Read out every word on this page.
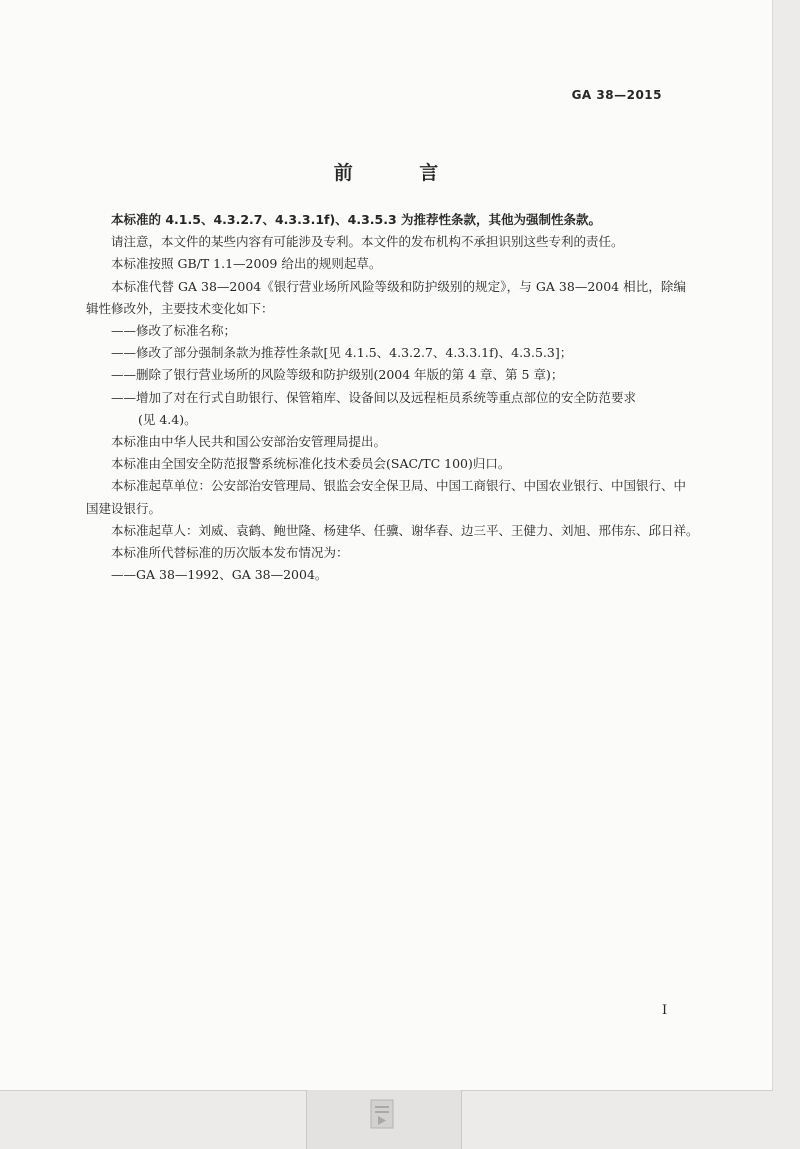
GA 38—2015
前 言

本标准的 4.1.5、4.3.2.7、4.3.3.1f)、4.3.5.3 为推荐性条款，其他为强制性条款。

请注意，本文件的某些内容有可能涉及专利。本文件的发布机构不承担识别这些专利的责任。

本标准按照 GB/T 1.1—2009 给出的规则起草。

本标准代替 GA 38—2004《银行营业场所风险等级和防护级别的规定》，与 GA 38—2004 相比，除编辑性修改外，主要技术变化如下：

——修改了标准名称；

——修改了部分强制条款为推荐性条款[见 4.1.5、4.3.2.7、4.3.3.1f)、4.3.5.3]；

——删除了银行营业场所的风险等级和防护级别(2004 年版的第 4 章、第 5 章)；

——增加了对在行式自助银行、保管箱库、设备间以及远程柜员系统等重点部位的安全防范要求

(见 4.4)。

本标准由中华人民共和国公安部治安管理局提出。

本标准由全国安全防范报警系统标准化技术委员会(SAC/TC 100)归口。

本标准起草单位：公安部治安管理局、银监会安全保卫局、中国工商银行、中国农业银行、中国银行、中国建设银行。

本标准起草人：刘威、袁鹤、鲍世隆、杨建华、任骥、谢华春、边三平、王健力、刘旭、邢伟东、邱日祥。

本标准所代替标准的历次版本发布情况为：

——GA 38—1992、GA 38—2004。

I
